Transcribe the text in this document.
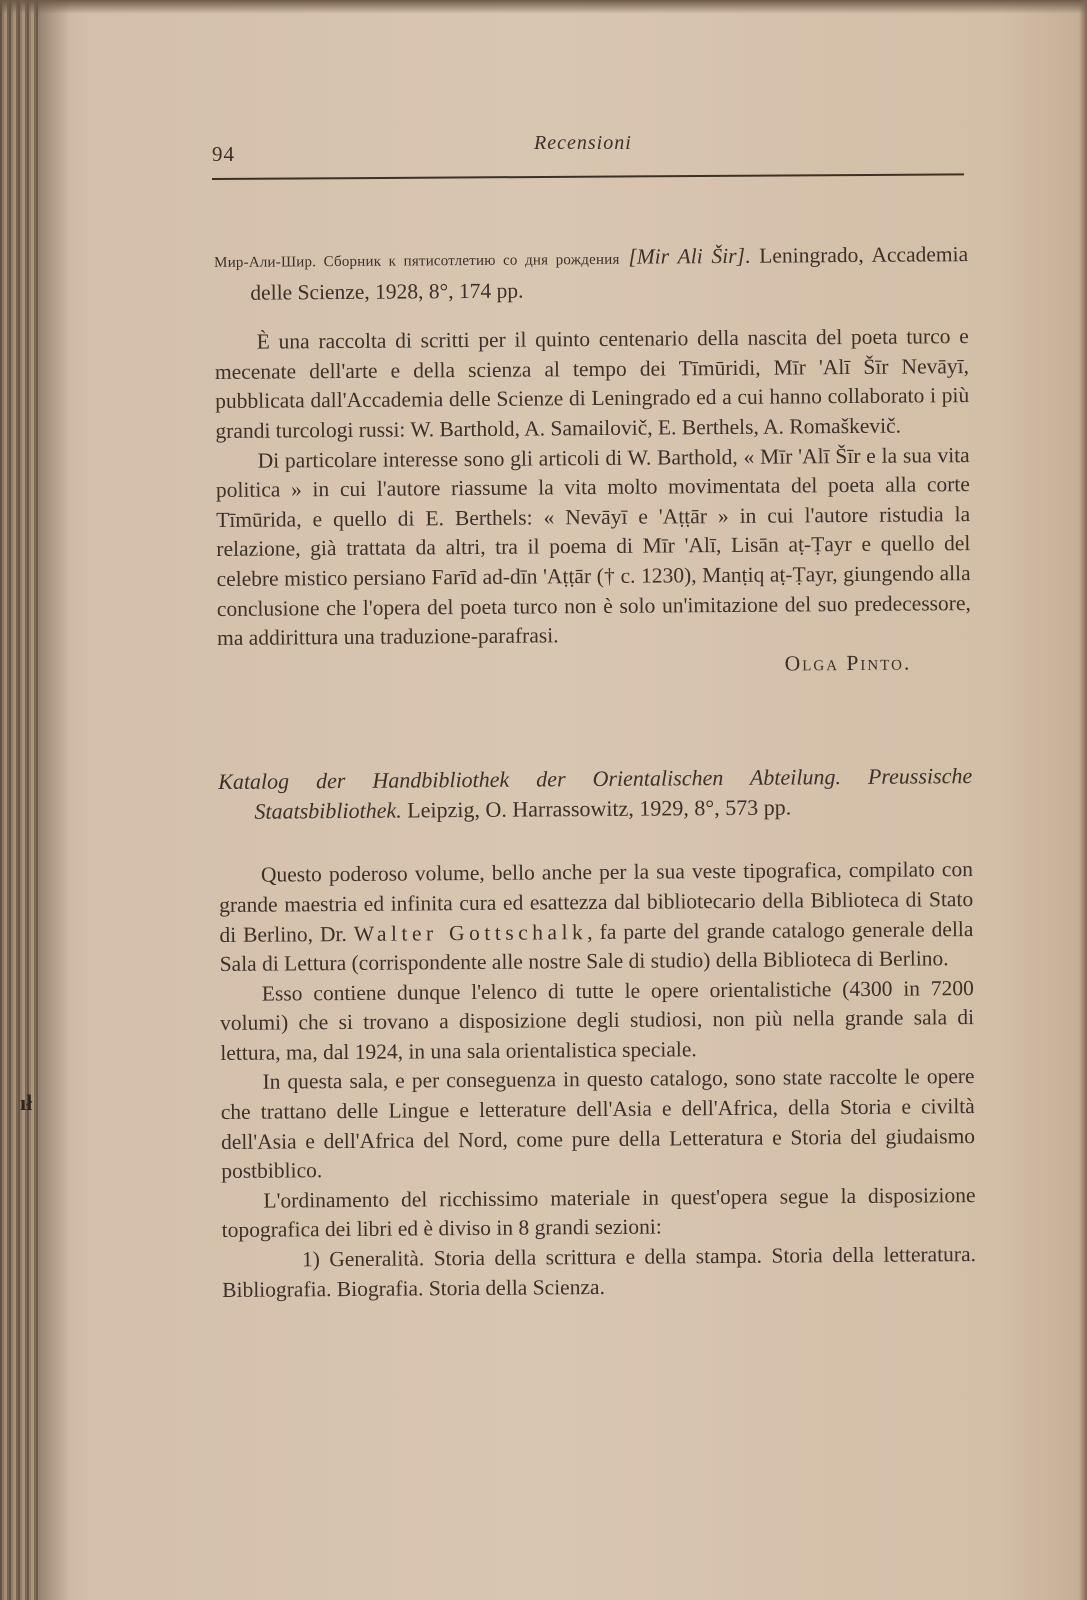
ıł
94	Recensioni

Мир-Али-Шир. Сборник к пятисотлетию со дня рождения [Mir Ali Šir]. Leningrado, Accademia delle Scienze, 1928, 8°, 174 pp.

È una raccolta di scritti per il quinto centenario della nascita del poeta turco e mecenate dell'arte e della scienza al tempo dei Tīmūridi, Mīr 'Alī Šīr Nevāyī, pubblicata dall'Accademia delle Scienze di Leningrado ed a cui hanno collaborato i più grandi turcologi russi: W. Barthold, A. Samailovič, E. Berthels, A. Romaškevič.

Di particolare interesse sono gli articoli di W. Barthold, « Mīr 'Alī Šīr e la sua vita politica » in cui l'autore riassume la vita molto movimentata del poeta alla corte Tīmūrida, e quello di E. Berthels: « Nevāyī e 'Aṭṭār » in cui l'autore ristudia la relazione, già trattata da altri, tra il poema di Mīr 'Alī, Lisān aṭ-Ṭayr e quello del celebre mistico persiano Farīd ad-dīn 'Aṭṭār († c. 1230), Manṭiq aṭ-Ṭayr, giungendo alla conclusione che l'opera del poeta turco non è solo un'imitazione del suo predecessore, ma addirittura una traduzione-parafrasi.

Olga Pinto.

Katalog der Handbibliothek der Orientalischen Abteilung. Preussische Staatsbibliothek. Leipzig, O. Harrassowitz, 1929, 8°, 573 pp.

Questo poderoso volume, bello anche per la sua veste tipografica, compilato con grande maestria ed infinita cura ed esattezza dal bibliotecario della Biblioteca di Stato di Berlino, Dr. Walter Gottschalk, fa parte del grande catalogo generale della Sala di Lettura (corrispondente alle nostre Sale di studio) della Biblioteca di Berlino.

Esso contiene dunque l'elenco di tutte le opere orientalistiche (4300 in 7200 volumi) che si trovano a disposizione degli studiosi, non più nella grande sala di lettura, ma, dal 1924, in una sala orientalistica speciale.

In questa sala, e per conseguenza in questo catalogo, sono state raccolte le opere che trattano delle Lingue e letterature dell'Asia e dell'Africa, della Storia e civiltà dell'Asia e dell'Africa del Nord, come pure della Letteratura e Storia del giudaismo postbiblico.

L'ordinamento del ricchissimo materiale in quest'opera segue la disposizione topografica dei libri ed è diviso in 8 grandi sezioni:

1) Generalità. Storia della scrittura e della stampa. Storia della letteratura. Bibliografia. Biografia. Storia della Scienza.
